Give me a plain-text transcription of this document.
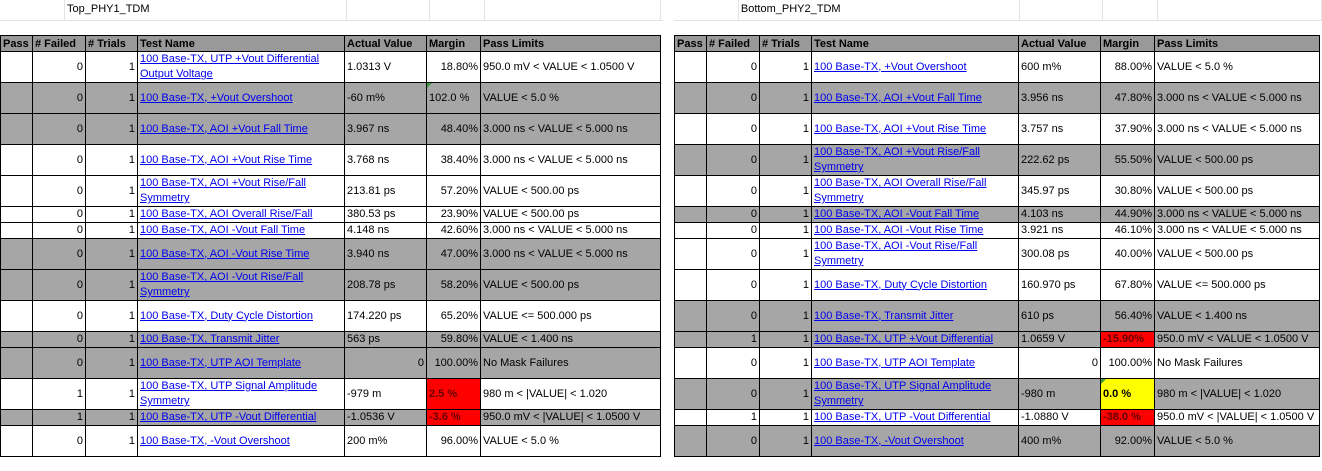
Top_PHY1_TDM
Pass	# Failed	# Trials	Test Name	Actual Value	Margin	Pass Limits
	0	1	100 Base-TX, UTP +Vout Differential Output Voltage	1.0313 V	18.80%	950.0 mV < VALUE < 1.0500 V
	0	1	100 Base-TX, +Vout Overshoot	-60 m%	102.0 %	VALUE < 5.0 %
	0	1	100 Base-TX, AOI +Vout Fall Time	3.967 ns	48.40%	3.000 ns < VALUE < 5.000 ns
	0	1	100 Base-TX, AOI +Vout Rise Time	3.768 ns	38.40%	3.000 ns < VALUE < 5.000 ns
	0	1	100 Base-TX, AOI +Vout Rise/Fall Symmetry	213.81 ps	57.20%	VALUE < 500.00 ps
	0	1	100 Base-TX, AOI Overall Rise/Fall	380.53 ps	23.90%	VALUE < 500.00 ps
	0	1	100 Base-TX, AOI -Vout Fall Time	4.148 ns	42.60%	3.000 ns < VALUE < 5.000 ns
	0	1	100 Base-TX, AOI -Vout Rise Time	3.940 ns	47.00%	3.000 ns < VALUE < 5.000 ns
	0	1	100 Base-TX, AOI -Vout Rise/Fall Symmetry	208.78 ps	58.20%	VALUE < 500.00 ps
	0	1	100 Base-TX, Duty Cycle Distortion	174.220 ps	65.20%	VALUE <= 500.000 ps
	0	1	100 Base-TX, Transmit Jitter	563 ps	59.80%	VALUE < 1.400 ns
	0	1	100 Base-TX, UTP AOI Template	0	100.00%	No Mask Failures
	1	1	100 Base-TX, UTP Signal Amplitude Symmetry	-979 m	2.5 %	980 m < |VALUE| < 1.020
	1	1	100 Base-TX, UTP -Vout Differential	-1.0536 V	-3.6 %	950.0 mV < |VALUE| < 1.0500 V
	0	1	100 Base-TX, -Vout Overshoot	200 m%	96.00%	VALUE < 5.0 %
Bottom_PHY2_TDM
Pass	# Failed	# Trials	Test Name	Actual Value	Margin	Pass Limits
	0	1	100 Base-TX, +Vout Overshoot	600 m%	88.00%	VALUE < 5.0 %
	0	1	100 Base-TX, AOI +Vout Fall Time	3.956 ns	47.80%	3.000 ns < VALUE < 5.000 ns
	0	1	100 Base-TX, AOI +Vout Rise Time	3.757 ns	37.90%	3.000 ns < VALUE < 5.000 ns
	0	1	100 Base-TX, AOI +Vout Rise/Fall Symmetry	222.62 ps	55.50%	VALUE < 500.00 ps
	0	1	100 Base-TX, AOI Overall Rise/Fall Symmetry	345.97 ps	30.80%	VALUE < 500.00 ps
	0	1	100 Base-TX, AOI -Vout Fall Time	4.103 ns	44.90%	3.000 ns < VALUE < 5.000 ns
	0	1	100 Base-TX, AOI -Vout Rise Time	3.921 ns	46.10%	3.000 ns < VALUE < 5.000 ns
	0	1	100 Base-TX, AOI -Vout Rise/Fall Symmetry	300.08 ps	40.00%	VALUE < 500.00 ps
	0	1	100 Base-TX, Duty Cycle Distortion	160.970 ps	67.80%	VALUE <= 500.000 ps
	0	1	100 Base-TX, Transmit Jitter	610 ps	56.40%	VALUE < 1.400 ns
	1	1	100 Base-TX, UTP +Vout Differential	1.0659 V	-15.90%	950.0 mV < VALUE < 1.0500 V
	0	1	100 Base-TX, UTP AOI Template	0	100.00%	No Mask Failures
	0	1	100 Base-TX, UTP Signal Amplitude Symmetry	-980 m	0.0 %	980 m < |VALUE| < 1.020
	1	1	100 Base-TX, UTP -Vout Differential	-1.0880 V	-38.0 %	950.0 mV < |VALUE| < 1.0500 V
	0	1	100 Base-TX, -Vout Overshoot	400 m%	92.00%	VALUE < 5.0 %
